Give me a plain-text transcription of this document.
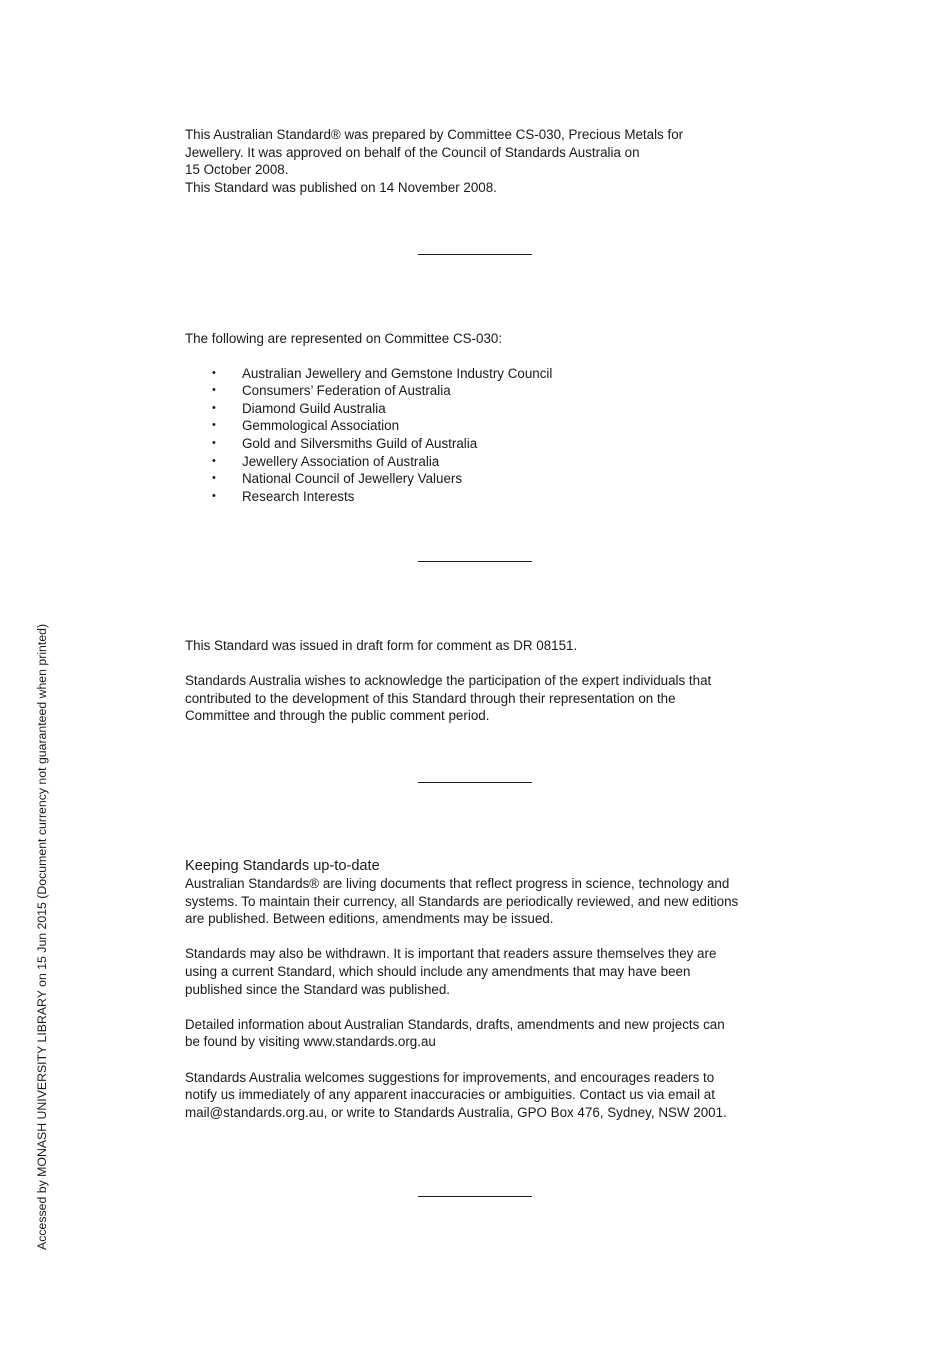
This Australian Standard® was prepared by Committee CS-030, Precious Metals for
Jewellery. It was approved on behalf of the Council of Standards Australia on
15 October 2008.
This Standard was published on 14 November 2008.
The following are represented on Committee CS-030:
• Australian Jewellery and Gemstone Industry Council
• Consumers’ Federation of Australia
• Diamond Guild Australia
• Gemmological Association
• Gold and Silversmiths Guild of Australia
• Jewellery Association of Australia
• National Council of Jewellery Valuers
• Research Interests
This Standard was issued in draft form for comment as DR 08151.
Standards Australia wishes to acknowledge the participation of the expert individuals that
contributed to the development of this Standard through their representation on the
Committee and through the public comment period.
Keeping Standards up-to-date
Australian Standards® are living documents that reflect progress in science, technology and
systems. To maintain their currency, all Standards are periodically reviewed, and new editions
are published. Between editions, amendments may be issued.
Standards may also be withdrawn. It is important that readers assure themselves they are
using a current Standard, which should include any amendments that may have been
published since the Standard was published.
Detailed information about Australian Standards, drafts, amendments and new projects can
be found by visiting www.standards.org.au
Standards Australia welcomes suggestions for improvements, and encourages readers to
notify us immediately of any apparent inaccuracies or ambiguities. Contact us via email at
mail@standards.org.au, or write to Standards Australia, GPO Box 476, Sydney, NSW 2001.
Accessed by MONASH UNIVERSITY LIBRARY on 15 Jun 2015 (Document currency not guaranteed when printed)
